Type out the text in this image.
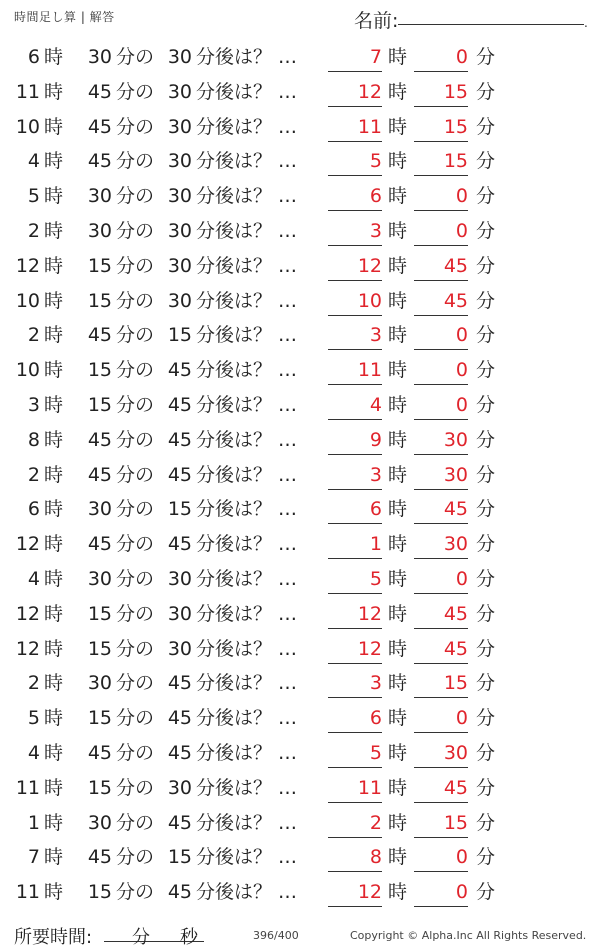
時間足し算 | 解答	名前:	.
6 時	30 分の 30 分後は？ …	7 時	0 分
11 時	45 分の 30 分後は？ …	12 時	15 分
10 時	45 分の 30 分後は？ …	11 時	15 分
4 時	45 分の 30 分後は？ …	5 時	15 分
5 時	30 分の 30 分後は？ …	6 時	0 分
2 時	30 分の 30 分後は？ …	3 時	0 分
12 時	15 分の 30 分後は？ …	12 時	45 分
10 時	15 分の 30 分後は？ …	10 時	45 分
2 時	45 分の 15 分後は？ …	3 時	0 分
10 時	15 分の 45 分後は？ …	11 時	0 分
3 時	15 分の 45 分後は？ …	4 時	0 分
8 時	45 分の 45 分後は？ …	9 時	30 分
2 時	45 分の 45 分後は？ …	3 時	30 分
6 時	30 分の 15 分後は？ …	6 時	45 分
12 時	45 分の 45 分後は？ …	1 時	30 分
4 時	30 分の 30 分後は？ …	5 時	0 分
12 時	15 分の 30 分後は？ …	12 時	45 分
12 時	15 分の 30 分後は？ …	12 時	45 分
2 時	30 分の 45 分後は？ …	3 時	15 分
5 時	15 分の 45 分後は？ …	6 時	0 分
4 時	45 分の 45 分後は？ …	5 時	30 分
11 時	15 分の 30 分後は？ …	11 時	45 分
1 時	30 分の 45 分後は？ …	2 時	15 分
7 時	45 分の 15 分後は？ …	8 時	0 分
11 時	15 分の 45 分後は？ …	12 時	0 分
所要時間: 分 秒	396/400	Copyright © Alpha.Inc All Rights Reserved.
